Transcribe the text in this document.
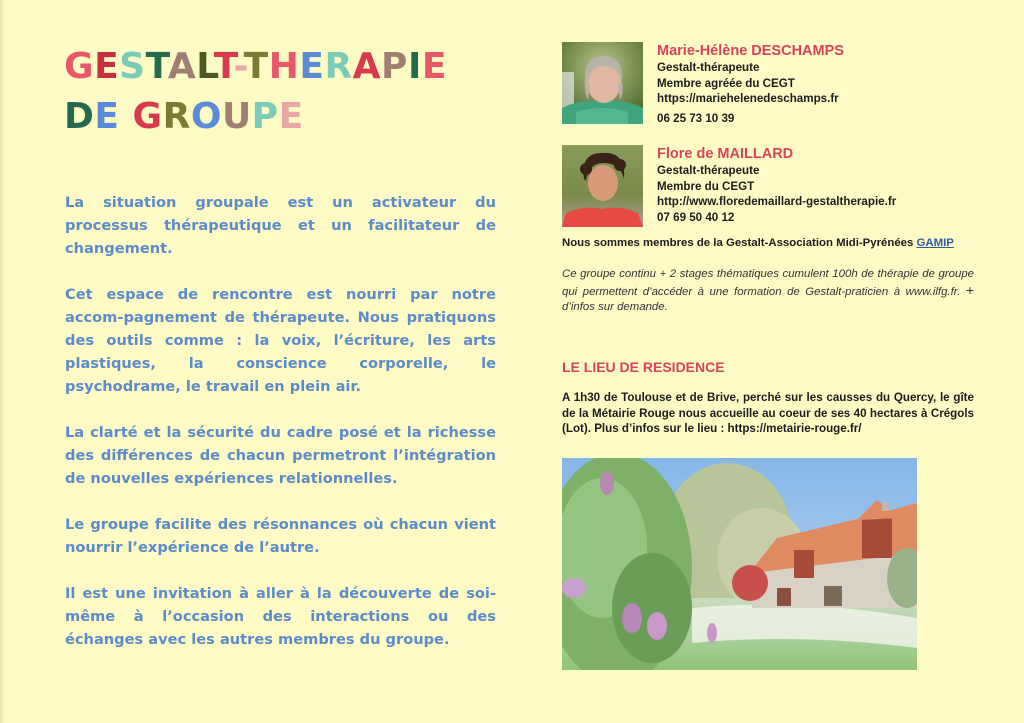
GESTALT-THERAPIE
DE GROUPE

La situation groupale est un activateur du processus thérapeutique et un facilitateur de changement.

Cet espace de rencontre est nourri par notre accom-pagnement de thérapeute. Nous pratiquons des outils comme : la voix, l’écriture, les arts plastiques, la conscience corporelle, le psychodrame, le travail en plein air.

La clarté et la sécurité du cadre posé et la richesse des différences de chacun permetront l’intégration de nouvelles expériences relationnelles.

Le groupe facilite des résonnances où chacun vient nourrir l’expérience de l’autre.

Il est une invitation à aller à la découverte de soi-même à l’occasion des interactions ou des échanges avec les autres membres du groupe.

Marie-Hélène DESCHAMPS
Gestalt-thérapeute
Membre agréée du CEGT
https://mariehelenedeschamps.fr
06 25 73 10 39
Flore de MAILLARD
Gestalt-thérapeute
Membre du CEGT
http://www.floredemaillard-gestaltherapie.fr
07 69 50 40 12
Nous sommes membres de la Gestalt-Association Midi-Pyrénées GAMIP
Ce groupe continu + 2 stages thématiques cumulent 100h de thérapie de groupe qui permettent d’accéder à une formation de Gestalt-praticien à www.ilfg.fr. + d’infos sur demande.
LE LIEU DE RESIDENCE
A 1h30 de Toulouse et de Brive, perché sur les causses du Quercy, le gîte de la Métairie Rouge nous accueille au coeur de ses 40 hectares à Crégols (Lot). Plus d’infos sur le lieu : https://metairie-rouge.fr/
